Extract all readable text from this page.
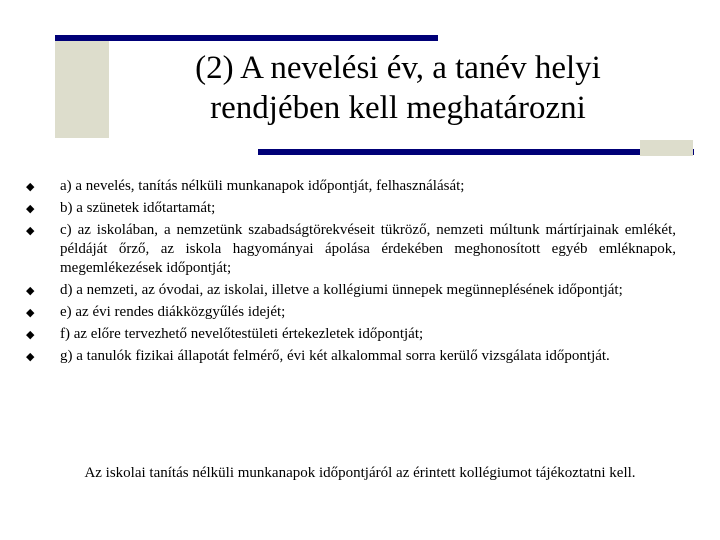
(2) A nevelési év, a tanév helyi
rendjében kell meghatározni
◆ a) a nevelés, tanítás nélküli munkanapok időpontját, felhasználását;
◆ b) a szünetek időtartamát;
◆ c) az iskolában, a nemzetünk szabadságtörekvéseit tükröző, nemzeti múltunk mártírjainak emlékét, példáját őrző, az iskola hagyományai ápolása érdekében meghonosított egyéb emléknapok, megemlékezések időpontját;
◆ d) a nemzeti, az óvodai, az iskolai, illetve a kollégiumi ünnepek megünneplésének időpontját;
◆ e) az évi rendes diákközgyűlés idejét;
◆ f) az előre tervezhető nevelőtestületi értekezletek időpontját;
◆ g) a tanulók fizikai állapotát felmérő, évi két alkalommal sorra kerülő vizsgálata időpontját.

Az iskolai tanítás nélküli munkanapok időpontjáról az érintett kollégiumot tájékoztatni kell.
